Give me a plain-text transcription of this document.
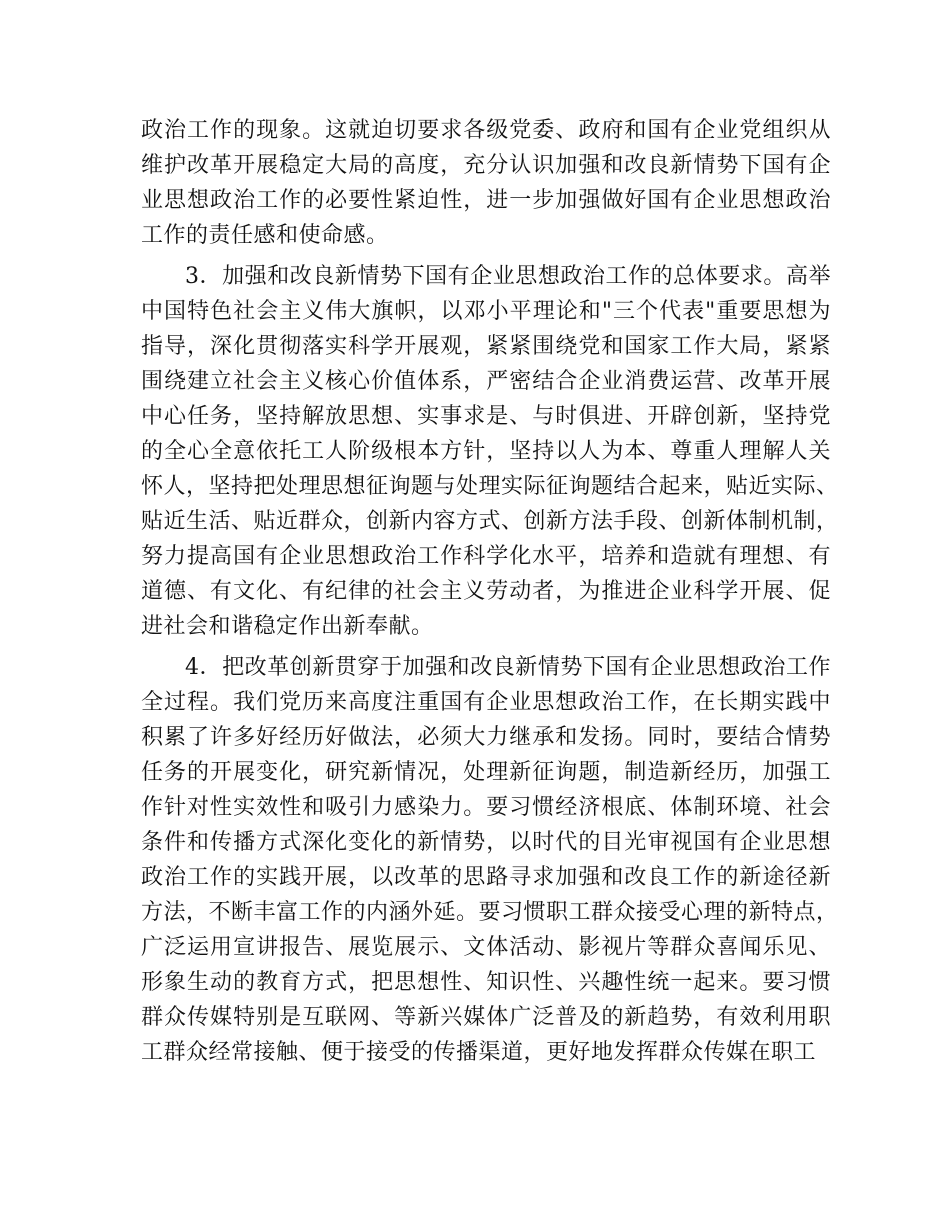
政治工作的现象。这就迫切要求各级党委、政府和国有企业党组织从
维护改革开展稳定大局的高度，充分认识加强和改良新情势下国有企
业思想政治工作的必要性紧迫性，进一步加强做好国有企业思想政治
工作的责任感和使命感。
3．加强和改良新情势下国有企业思想政治工作的总体要求。高举
中国特色社会主义伟大旗帜，以邓小平理论和"三个代表"重要思想为
指导，深化贯彻落实科学开展观，紧紧围绕党和国家工作大局，紧紧
围绕建立社会主义核心价值体系，严密结合企业消费运营、改革开展
中心任务，坚持解放思想、实事求是、与时俱进、开辟创新，坚持党
的全心全意依托工人阶级根本方针，坚持以人为本、尊重人理解人关
怀人，坚持把处理思想征询题与处理实际征询题结合起来，贴近实际、
贴近生活、贴近群众，创新内容方式、创新方法手段、创新体制机制，
努力提高国有企业思想政治工作科学化水平，培养和造就有理想、有
道德、有文化、有纪律的社会主义劳动者，为推进企业科学开展、促
进社会和谐稳定作出新奉献。
4．把改革创新贯穿于加强和改良新情势下国有企业思想政治工作
全过程。我们党历来高度注重国有企业思想政治工作，在长期实践中
积累了许多好经历好做法，必须大力继承和发扬。同时，要结合情势
任务的开展变化，研究新情况，处理新征询题，制造新经历，加强工
作针对性实效性和吸引力感染力。要习惯经济根底、体制环境、社会
条件和传播方式深化变化的新情势，以时代的目光审视国有企业思想
政治工作的实践开展，以改革的思路寻求加强和改良工作的新途径新
方法，不断丰富工作的内涵外延。要习惯职工群众接受心理的新特点，
广泛运用宣讲报告、展览展示、文体活动、影视片等群众喜闻乐见、
形象生动的教育方式，把思想性、知识性、兴趣性统一起来。要习惯
群众传媒特别是互联网、等新兴媒体广泛普及的新趋势，有效利用职
工群众经常接触、便于接受的传播渠道，更好地发挥群众传媒在职工
